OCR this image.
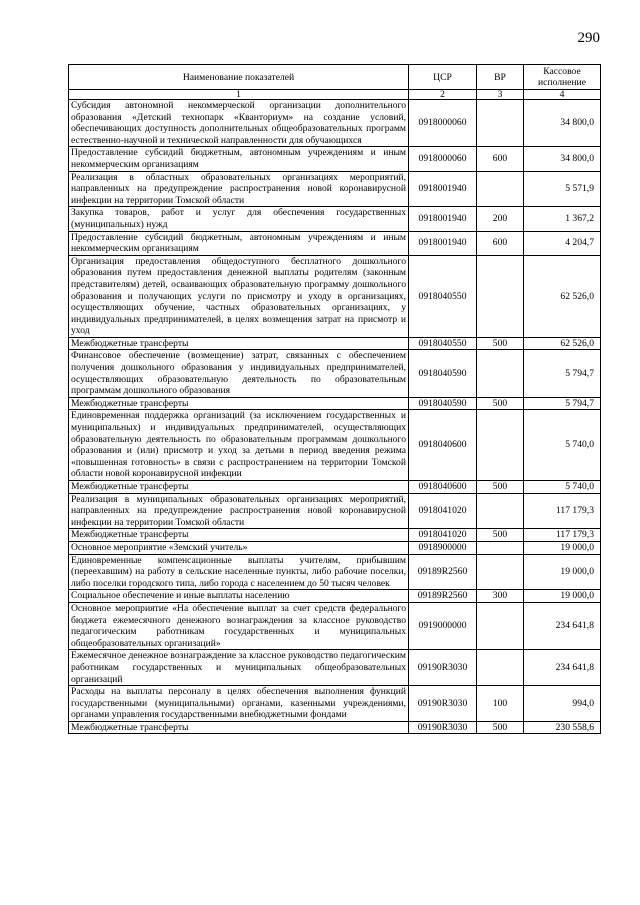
290
Наименование показателей	ЦСР	ВР	Кассовое исполнение
1	2	3	4
Субсидия автономной некоммерческой организации дополнительного образования «Детский технопарк «Кванториум» на создание условий, обеспечивающих доступность дополнительных общеобразовательных программ естественно-научной и технической направленности для обучающихся	0918000060		34 800,0
Предоставление субсидий бюджетным, автономным учреждениям и иным некоммерческим организациям	0918000060	600	34 800,0
Реализация в областных образовательных организациях мероприятий, направленных на предупреждение распространения новой коронавирусной инфекции на территории Томской области	0918001940		5 571,9
Закупка товаров, работ и услуг для обеспечения государственных (муниципальных) нужд	0918001940	200	1 367,2
Предоставление субсидий бюджетным, автономным учреждениям и иным некоммерческим организациям	0918001940	600	4 204,7
Организация предоставления общедоступного бесплатного дошкольного образования путем предоставления денежной выплаты родителям (законным представителям) детей, осваивающих образовательную программу дошкольного образования и получающих услуги по присмотру и уходу в организациях, осуществляющих обучение, частных образовательных организациях, у индивидуальных предпринимателей, в целях возмещения затрат на присмотр и уход	0918040550		62 526,0
Межбюджетные трансферты	0918040550	500	62 526,0
Финансовое обеспечение (возмещение) затрат, связанных с обеспечением получения дошкольного образования у индивидуальных предпринимателей, осуществляющих образовательную деятельность по образовательным программам дошкольного образования	0918040590		5 794,7
Межбюджетные трансферты	0918040590	500	5 794,7
Единовременная поддержка организаций (за исключением государственных и муниципальных) и индивидуальных предпринимателей, осуществляющих образовательную деятельность по образовательным программам дошкольного образования и (или) присмотр и уход за детьми в период введения режима «повышенная готовность» в связи с распространением на территории Томской области новой коронавирусной инфекции	0918040600		5 740,0
Межбюджетные трансферты	0918040600	500	5 740,0
Реализация в муниципальных образовательных организациях мероприятий, направленных на предупреждение распространения новой коронавирусной инфекции на территории Томской области	0918041020		117 179,3
Межбюджетные трансферты	0918041020	500	117 179,3
Основное мероприятие «Земский учитель»	0918900000		19 000,0
Единовременные компенсационные выплаты учителям, прибывшим (переехавшим) на работу в сельские населенные пункты, либо рабочие поселки, либо поселки городского типа, либо города с населением до 50 тысяч человек	09189R2560		19 000,0
Социальное обеспечение и иные выплаты населению	09189R2560	300	19 000,0
Основное мероприятие «На обеспечение выплат за счет средств федерального бюджета ежемесячного денежного вознаграждения за классное руководство педагогическим работникам государственных и муниципальных общеобразовательных организаций»	0919000000		234 641,8
Ежемесячное денежное вознаграждение за классное руководство педагогическим работникам государственных и муниципальных общеобразовательных организаций	09190R3030		234 641,8
Расходы на выплаты персоналу в целях обеспечения выполнения функций государственными (муниципальными) органами, казенными учреждениями, органами управления государственными внебюджетными фондами	09190R3030	100	994,0
Межбюджетные трансферты	09190R3030	500	230 558,6
